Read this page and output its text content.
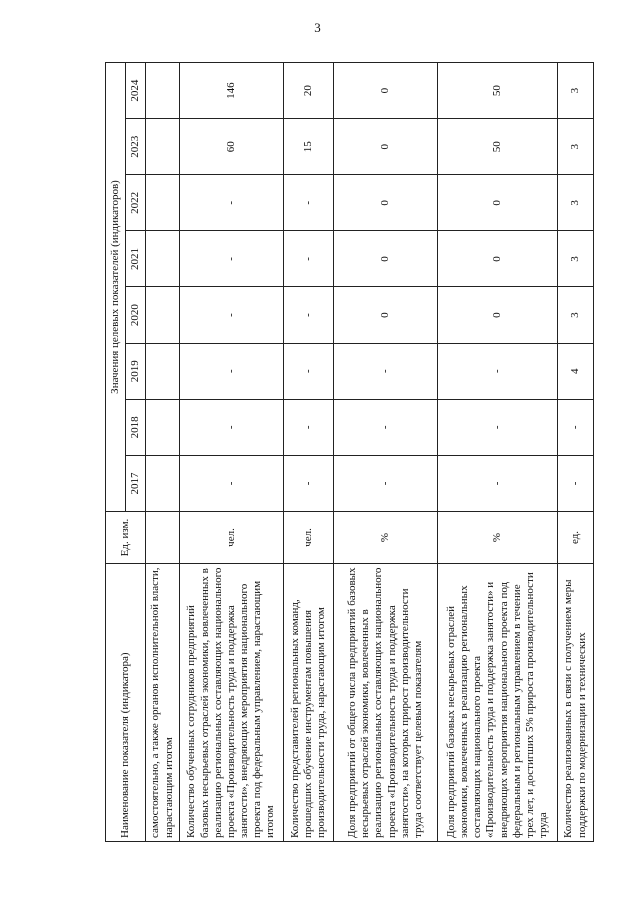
3
Наименование показателя (индикатора)	Ед. изм.	Значения целевых показателей (индикаторов)							
		2017	2018	2019	2020	2021	2022	2023	2024
самостоятельно, а также органов исполнительной власти, нарастающим итогом									
Количество обученных сотрудников предприятий базовых несырьевых отраслей экономики, вовлеченных в реализацию региональных составляющих национального проекта «Производительность труда и поддержка занятости», внедряющих мероприятия национального проекта под федеральным управлением, нарастающим итогом	чел.	-	-	-	-	-	-	60	146
Количество представителей региональных команд, прошедших обучение инструментам повышения производительности труда, нарастающим итогом	чел.	-	-	-	-	-	-	15	20
Доля предприятий от общего числа предприятий базовых несырьевых отраслей экономики, вовлеченных в реализацию региональных составляющих национального проекта «Производительность труда и поддержка занятости», на которых прирост производительности труда соответствует целевым показателям	%	-	-	-	0	0	0	0	0
Доля предприятий базовых несырьевых отраслей экономики, вовлеченных в реализацию региональных составляющих национального проекта «Производительность труда и поддержка занятости» и внедряющих мероприятия национального проекта под федеральным и региональным управлением в течение трех лет, и достигших 5% прироста производительности труда	%	-	-	-	0	0	0	50	50
Количество реализованных в связи с получением меры поддержки по модернизации и технических	ед.	-	-	4	3	3	3	3	3
